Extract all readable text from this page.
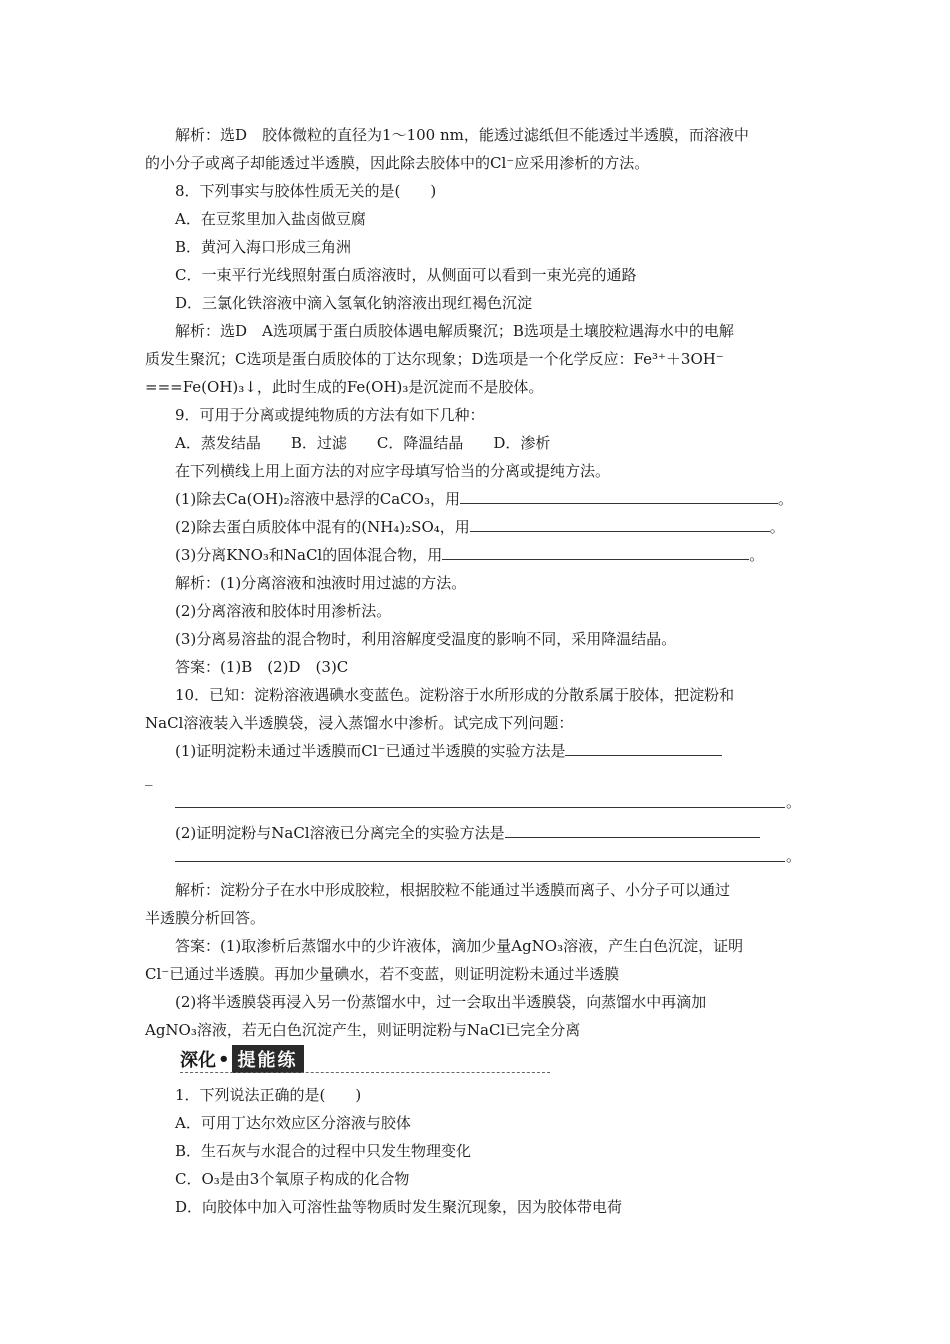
解析：选D　胶体微粒的直径为1～100 nm，能透过滤纸但不能透过半透膜，而溶液中
的小分子或离子却能透过半透膜，因此除去胶体中的Cl⁻应采用渗析的方法。
8．下列事实与胶体性质无关的是(　　)
A．在豆浆里加入盐卤做豆腐
B．黄河入海口形成三角洲
C．一束平行光线照射蛋白质溶液时，从侧面可以看到一束光亮的通路
D．三氯化铁溶液中滴入氢氧化钠溶液出现红褐色沉淀
解析：选D　A选项属于蛋白质胶体遇电解质聚沉；B选项是土壤胶粒遇海水中的电解
质发生聚沉；C选项是蛋白质胶体的丁达尔现象；D选项是一个化学反应：Fe³⁺＋3OH⁻
===Fe(OH)₃↓，此时生成的Fe(OH)₃是沉淀而不是胶体。
9．可用于分离或提纯物质的方法有如下几种：
A．蒸发结晶　　B．过滤　　C．降温结晶　　D．渗析
在下列横线上用上面方法的对应字母填写恰当的分离或提纯方法。
(1)除去Ca(OH)₂溶液中悬浮的CaCO₃，用	。
(2)除去蛋白质胶体中混有的(NH₄)₂SO₄，用	。
(3)分离KNO₃和NaCl的固体混合物，用	。
解析：(1)分离溶液和浊液时用过滤的方法。
(2)分离溶液和胶体时用渗析法。
(3)分离易溶盐的混合物时，利用溶解度受温度的影响不同，采用降温结晶。
答案：(1)B　(2)D　(3)C
10．已知：淀粉溶液遇碘水变蓝色。淀粉溶于水所形成的分散系属于胶体，把淀粉和
NaCl溶液装入半透膜袋，浸入蒸馏水中渗析。试完成下列问题：
(1)证明淀粉未通过半透膜而Cl⁻已通过半透膜的实验方法是
_
。
(2)证明淀粉与NaCl溶液已分离完全的实验方法是
。
解析：淀粉分子在水中形成胶粒，根据胶粒不能通过半透膜而离子、小分子可以通过
半透膜分析回答。
答案：(1)取渗析后蒸馏水中的少许液体，滴加少量AgNO₃溶液，产生白色沉淀，证明
Cl⁻已通过半透膜。再加少量碘水，若不变蓝，则证明淀粉未通过半透膜
(2)将半透膜袋再浸入另一份蒸馏水中，过一会取出半透膜袋，向蒸馏水中再滴加
AgNO₃溶液，若无白色沉淀产生，则证明淀粉与NaCl已完全分离
深化 • 提能练
1．下列说法正确的是(　　)
A．可用丁达尔效应区分溶液与胶体
B．生石灰与水混合的过程中只发生物理变化
C．O₃是由3个氧原子构成的化合物
D．向胶体中加入可溶性盐等物质时发生聚沉现象，因为胶体带电荷
